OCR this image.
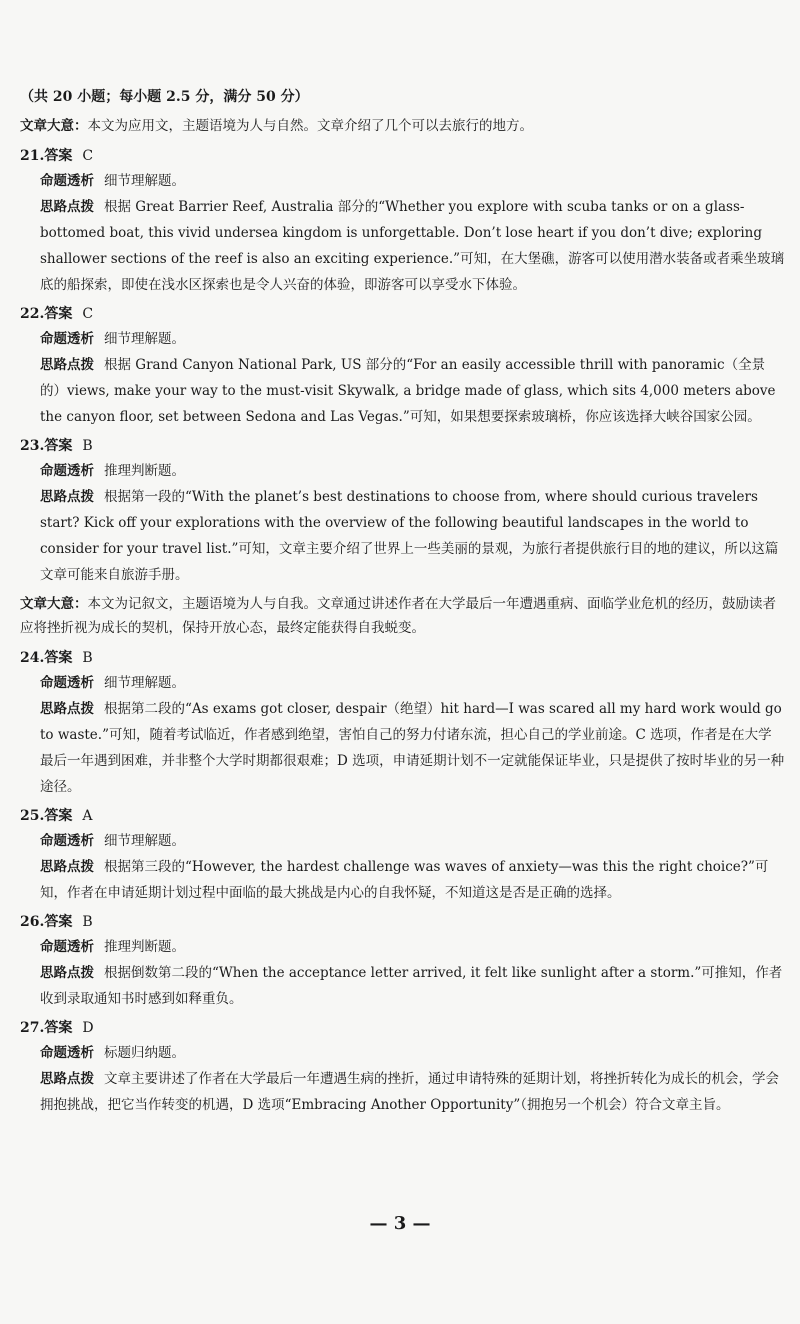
（共 20 小题；每小题 2.5 分，满分 50 分）
文章大意：本文为应用文，主题语境为人与自然。文章介绍了几个可以去旅行的地方。
21.答案 C
命题透析 细节理解题。
思路点拨 根据 Great Barrier Reef, Australia 部分的“Whether you explore with scuba tanks or on a glass-bottomed boat, this vivid undersea kingdom is unforgettable. Don’t lose heart if you don’t dive; exploring shallower sections of the reef is also an exciting experience.”可知，在大堡礁，游客可以使用潜水装备或者乘坐玻璃底的船探索，即使在浅水区探索也是令人兴奋的体验，即游客可以享受水下体验。
22.答案 C
命题透析 细节理解题。
思路点拨 根据 Grand Canyon National Park, US 部分的“For an easily accessible thrill with panoramic（全景的）views, make your way to the must-visit Skywalk, a bridge made of glass, which sits 4,000 meters above the canyon floor, set between Sedona and Las Vegas.”可知，如果想要探索玻璃桥，你应该选择大峡谷国家公园。
23.答案 B
命题透析 推理判断题。
思路点拨 根据第一段的“With the planet’s best destinations to choose from, where should curious travelers start? Kick off your explorations with the overview of the following beautiful landscapes in the world to consider for your travel list.”可知，文章主要介绍了世界上一些美丽的景观，为旅行者提供旅行目的地的建议，所以这篇文章可能来自旅游手册。
文章大意：本文为记叙文，主题语境为人与自我。文章通过讲述作者在大学最后一年遭遇重病、面临学业危机的经历，鼓励读者应将挫折视为成长的契机，保持开放心态，最终定能获得自我蜕变。
24.答案 B
命题透析 细节理解题。
思路点拨 根据第二段的“As exams got closer, despair（绝望）hit hard—I was scared all my hard work would go to waste.”可知，随着考试临近，作者感到绝望，害怕自己的努力付诸东流，担心自己的学业前途。C 选项，作者是在大学最后一年遇到困难，并非整个大学时期都很艰难；D 选项，申请延期计划不一定就能保证毕业，只是提供了按时毕业的另一种途径。
25.答案 A
命题透析 细节理解题。
思路点拨 根据第三段的“However, the hardest challenge was waves of anxiety—was this the right choice?”可知，作者在申请延期计划过程中面临的最大挑战是内心的自我怀疑，不知道这是否是正确的选择。
26.答案 B
命题透析 推理判断题。
思路点拨 根据倒数第二段的“When the acceptance letter arrived, it felt like sunlight after a storm.”可推知，作者收到录取通知书时感到如释重负。
27.答案 D
命题透析 标题归纳题。
思路点拨 文章主要讲述了作者在大学最后一年遭遇生病的挫折，通过申请特殊的延期计划，将挫折转化为成长的机会，学会拥抱挑战，把它当作转变的机遇，D 选项“Embracing Another Opportunity”（拥抱另一个机会）符合文章主旨。
— 3 —
